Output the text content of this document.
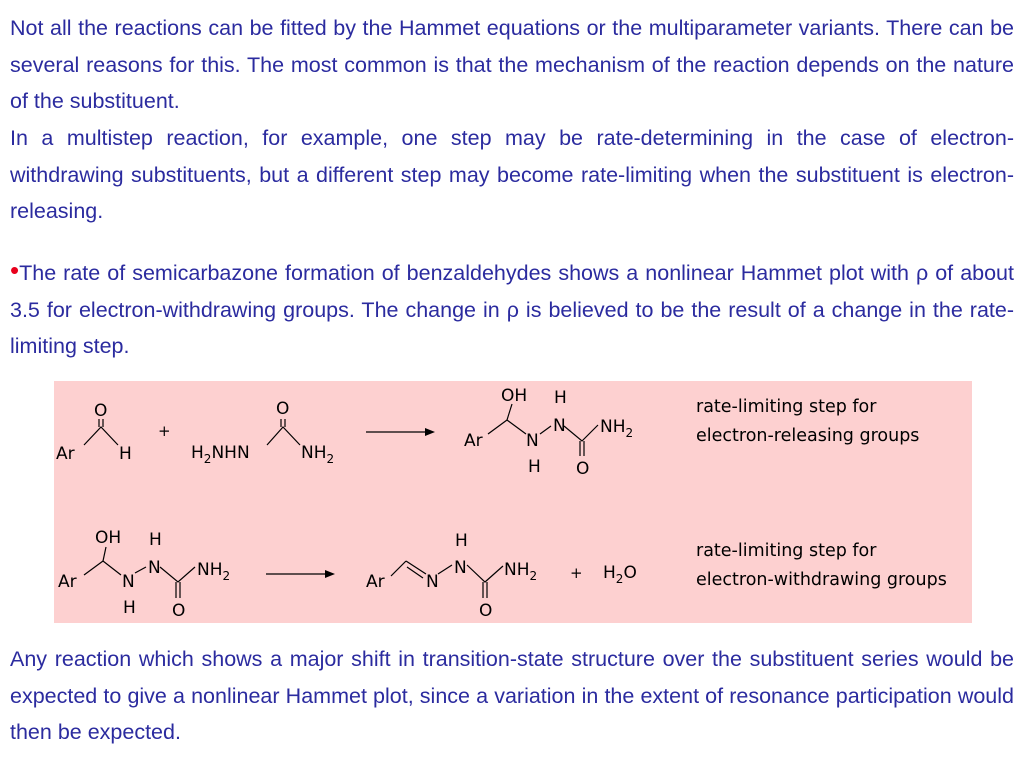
Not all the reactions can be fitted by the Hammet equations or the multiparameter variants. There can be several reasons for this. The most common is that the mechanism of the reaction depends on the nature of the substituent.

In a multistep reaction, for example, one step may be rate-determining in the case of electron-withdrawing substituents, but a different step may become rate-limiting when the substituent is electron-releasing.

•The rate of semicarbazone formation of benzaldehydes shows a nonlinear Hammet plot with ρ of about 3.5 for electron-withdrawing groups. The change in ρ is believed to be the result of a change in the rate-limiting step.

Ar
O
H
+
$H_2NHN$
O
$NH_2$
Ar
OH
N
H
N
H
$NH_2$
O
rate-limiting step for
electron-releasing groups
Ar
OH
N
H
N
H
$NH_2$
O
Ar N
N
H
$NH_2$
O
+ $H_2O$
rate-limiting step for
electron-withdrawing groups

Any reaction which shows a major shift in transition-state structure over the substituent series would be expected to give a nonlinear Hammet plot, since a variation in the extent of resonance participation would then be expected.
